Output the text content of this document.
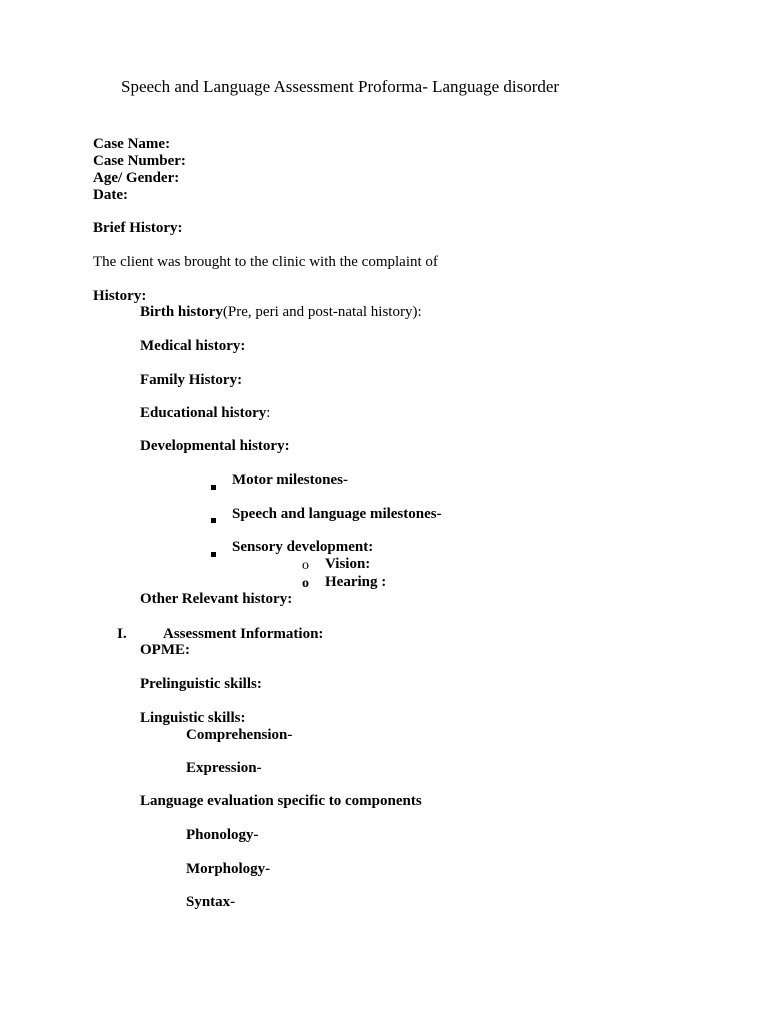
Speech and Language Assessment Proforma- Language disorder
Case Name:
Case Number:
Age/ Gender:
Date:
Brief History:
The client was brought to the clinic with the complaint of
History:
Birth history(Pre, peri and post-natal history):
Medical history:
Family History:
Educational history:
Developmental history:
Motor milestones-
Speech and language milestones-
Sensory development:
o Vision:
o Hearing :
Other Relevant history:
I. Assessment Information:
OPME:
Prelinguistic skills:
Linguistic skills:
Comprehension-
Expression-
Language evaluation specific to components
Phonology-
Morphology-
Syntax-
